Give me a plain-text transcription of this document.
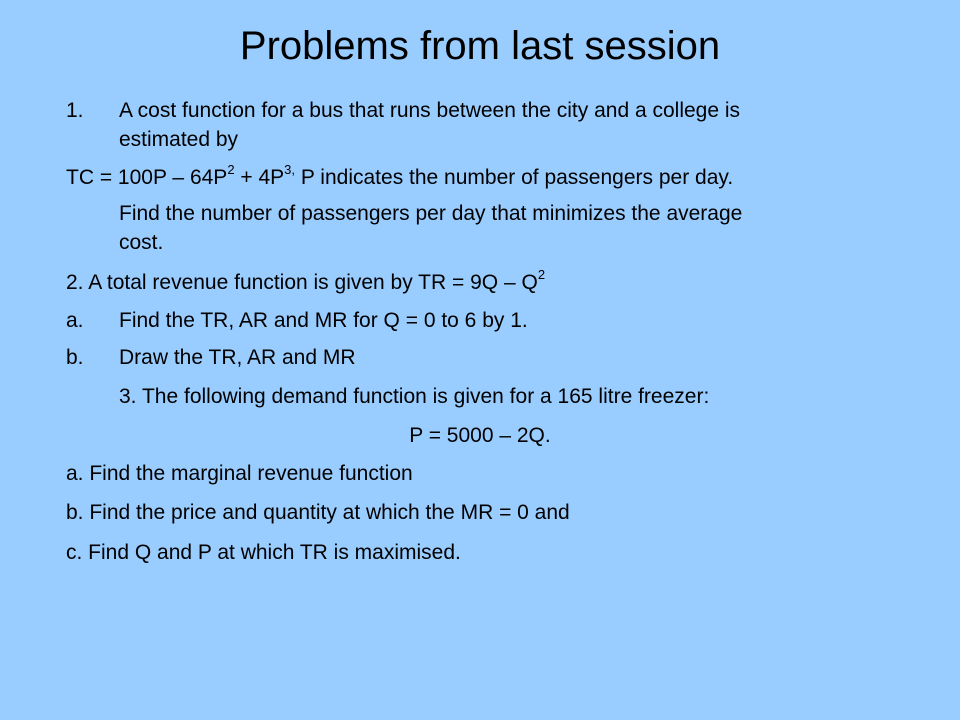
Problems from last session
1. A cost function for a bus that runs between the city and a college is
estimated by
TC = $100P - 64P^2 + 4P^{3,}$ P indicates the number of passengers per day.
Find the number of passengers per day that minimizes the average
cost.
2. A total revenue function is given by TR = $9Q - Q^2$
a. Find the TR, AR and MR for Q = 0 to 6 by 1.
b. Draw the TR, AR and MR
3. The following demand function is given for a 165 litre freezer:
P = 5000 – 2Q.
a. Find the marginal revenue function
b. Find the price and quantity at which the MR = 0 and
c. Find Q and P at which TR is maximised.
